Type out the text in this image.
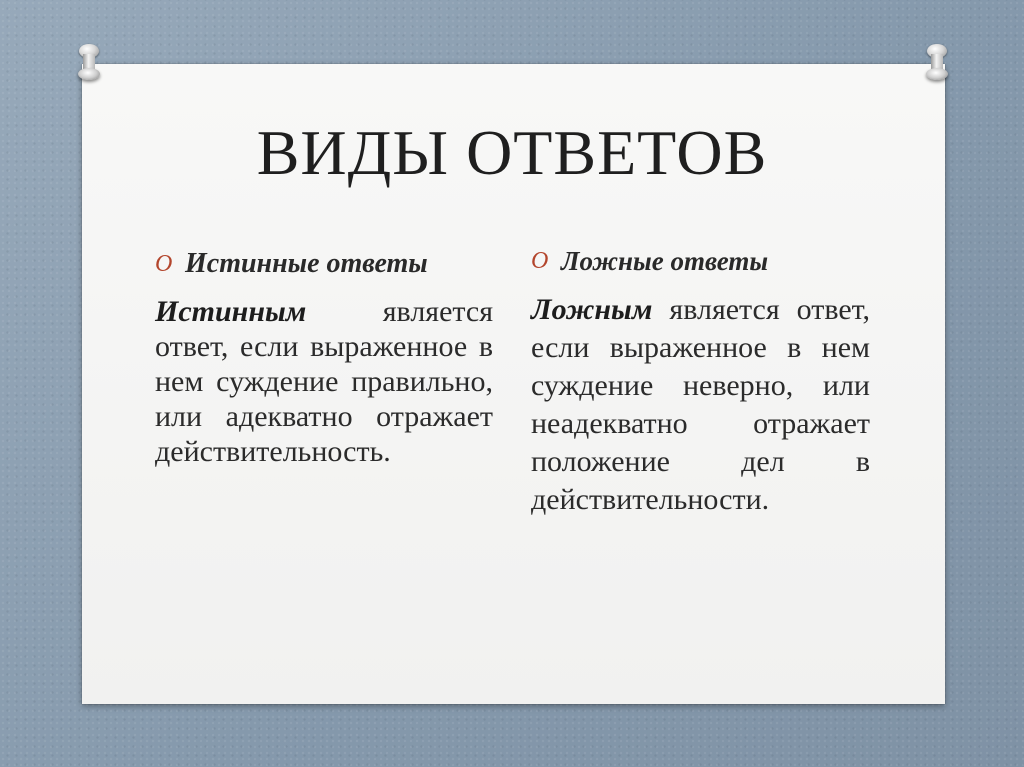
ВИДЫ ОТВЕТОВ
O Истинные ответы
Истинным является ответ, если выраженное в нем суждение правильно, или адекватно отражает действительность.
O Ложные ответы
Ложным является ответ, если выраженное в нем суждение неверно, или неадекватно отражает положение дел в действительности.
